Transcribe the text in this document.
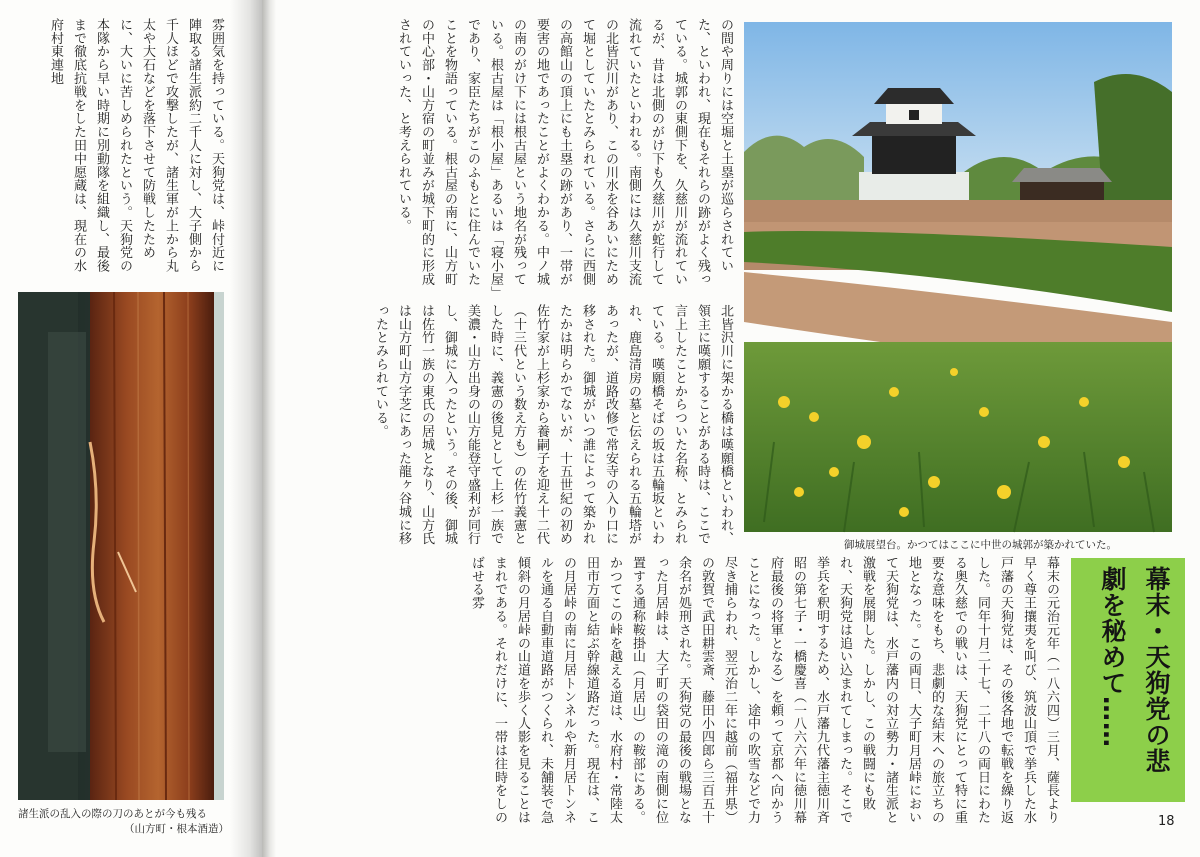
雰囲気を持っている。天狗党は、峠付近に陣取る諸生派約二千人に対し、大子側から千人ほどで攻撃したが、諸生軍が上から丸太や大石などを落下させて防戦したために、大いに苦しめられたという。天狗党の本隊から早い時期に別動隊を組織し、最後まで徹底抗戦をした田中愿蔵は、現在の水府村東連地
諸生派の乱入の際の刀のあとが今も残る
（山方町・根本酒造）
の間や周りには空堀と土塁が巡らされていた、といわれ、現在もそれらの跡がよく残っている。城郭の東側下を、久慈川が流れているが、昔は北側のがけ下も久慈川が蛇行して流れていたといわれる。南側には久慈川支流の北皆沢川があり、この川水を谷あいにためて堀としていたとみられている。さらに西側の高館山の頂上にも土塁の跡があり、一帯が要害の地であったことがよくわかる。中ノ城の南のがけ下には根古屋という地名が残っている。根古屋は「根小屋」あるいは「寝小屋」であり、家臣たちがこのふもとに住んでいたことを物語っている。根古屋の南に、山方町の中心部・山方宿の町並みが城下町的に形成されていった、と考えられている。
北皆沢川に架かる橋は嘆願橋といわれ、領主に嘆願することがある時は、ここで言上したことからついた名称、とみられている。嘆願橋そばの坂は五輪坂といわれ、鹿島清房の墓と伝えられる五輪塔があったが、道路改修で常安寺の入り口に移された。御城がいつ誰によって築かれたかは明らかでないが、十五世紀の初め佐竹家が上杉家から養嗣子を迎え十二代（十三代という数え方も）の佐竹義憲とした時に、義憲の後見として上杉一族で美濃・山方出身の山方能登守盛利が同行し、御城に入ったという。その後、御城は佐竹一族の東氏の居城となり、山方氏は山方町山方字芝にあった龍ヶ谷城に移ったとみられている。
御城展望台。かつてはここに中世の城郭が築かれていた。
幕末の元治元年（一八六四）三月、薩長より早く尊王攘夷を叫び、筑波山頂で挙兵した水戸藩の天狗党は、その後各地で転戦を繰り返した。同年十月二十七、二十八の両日にわたる奥久慈での戦いは、天狗党にとって特に重要な意味をもち、悲劇的な結末への旅立ちの地となった。この両日、大子町月居峠において天狗党は、水戸藩内の対立勢力・諸生派と激戦を展開した。しかし、この戦闘にも敗れ、天狗党は追い込まれてしまった。そこで挙兵を釈明するため、水戸藩九代藩主徳川斉昭の第七子・一橋慶喜（一八六六年に徳川幕府最後の将軍となる）を頼って京都へ向かうことになった。しかし、途中の吹雪などで力尽き捕らわれ、翌元治二年に越前（福井県）の敦賀で武田耕雲斎、藤田小四郎ら三百五十余名が処刑された。天狗党の最後の戦場となった月居峠は、大子町の袋田の滝の南側に位置する通称鞍掛山（月居山）の鞍部にある。かつてこの峠を越える道は、水府村・常陸太田市方面と結ぶ幹線道路だった。現在は、この月居峠の南に月居トンネルや新月居トンネルを通る自動車道路がつくられ、未舗装で急傾斜の月居峠の山道を歩く人影を見ることはまれである。それだけに、一帯は往時をしのばせる雰	幕末・天狗党の悲劇を秘めて……
18
